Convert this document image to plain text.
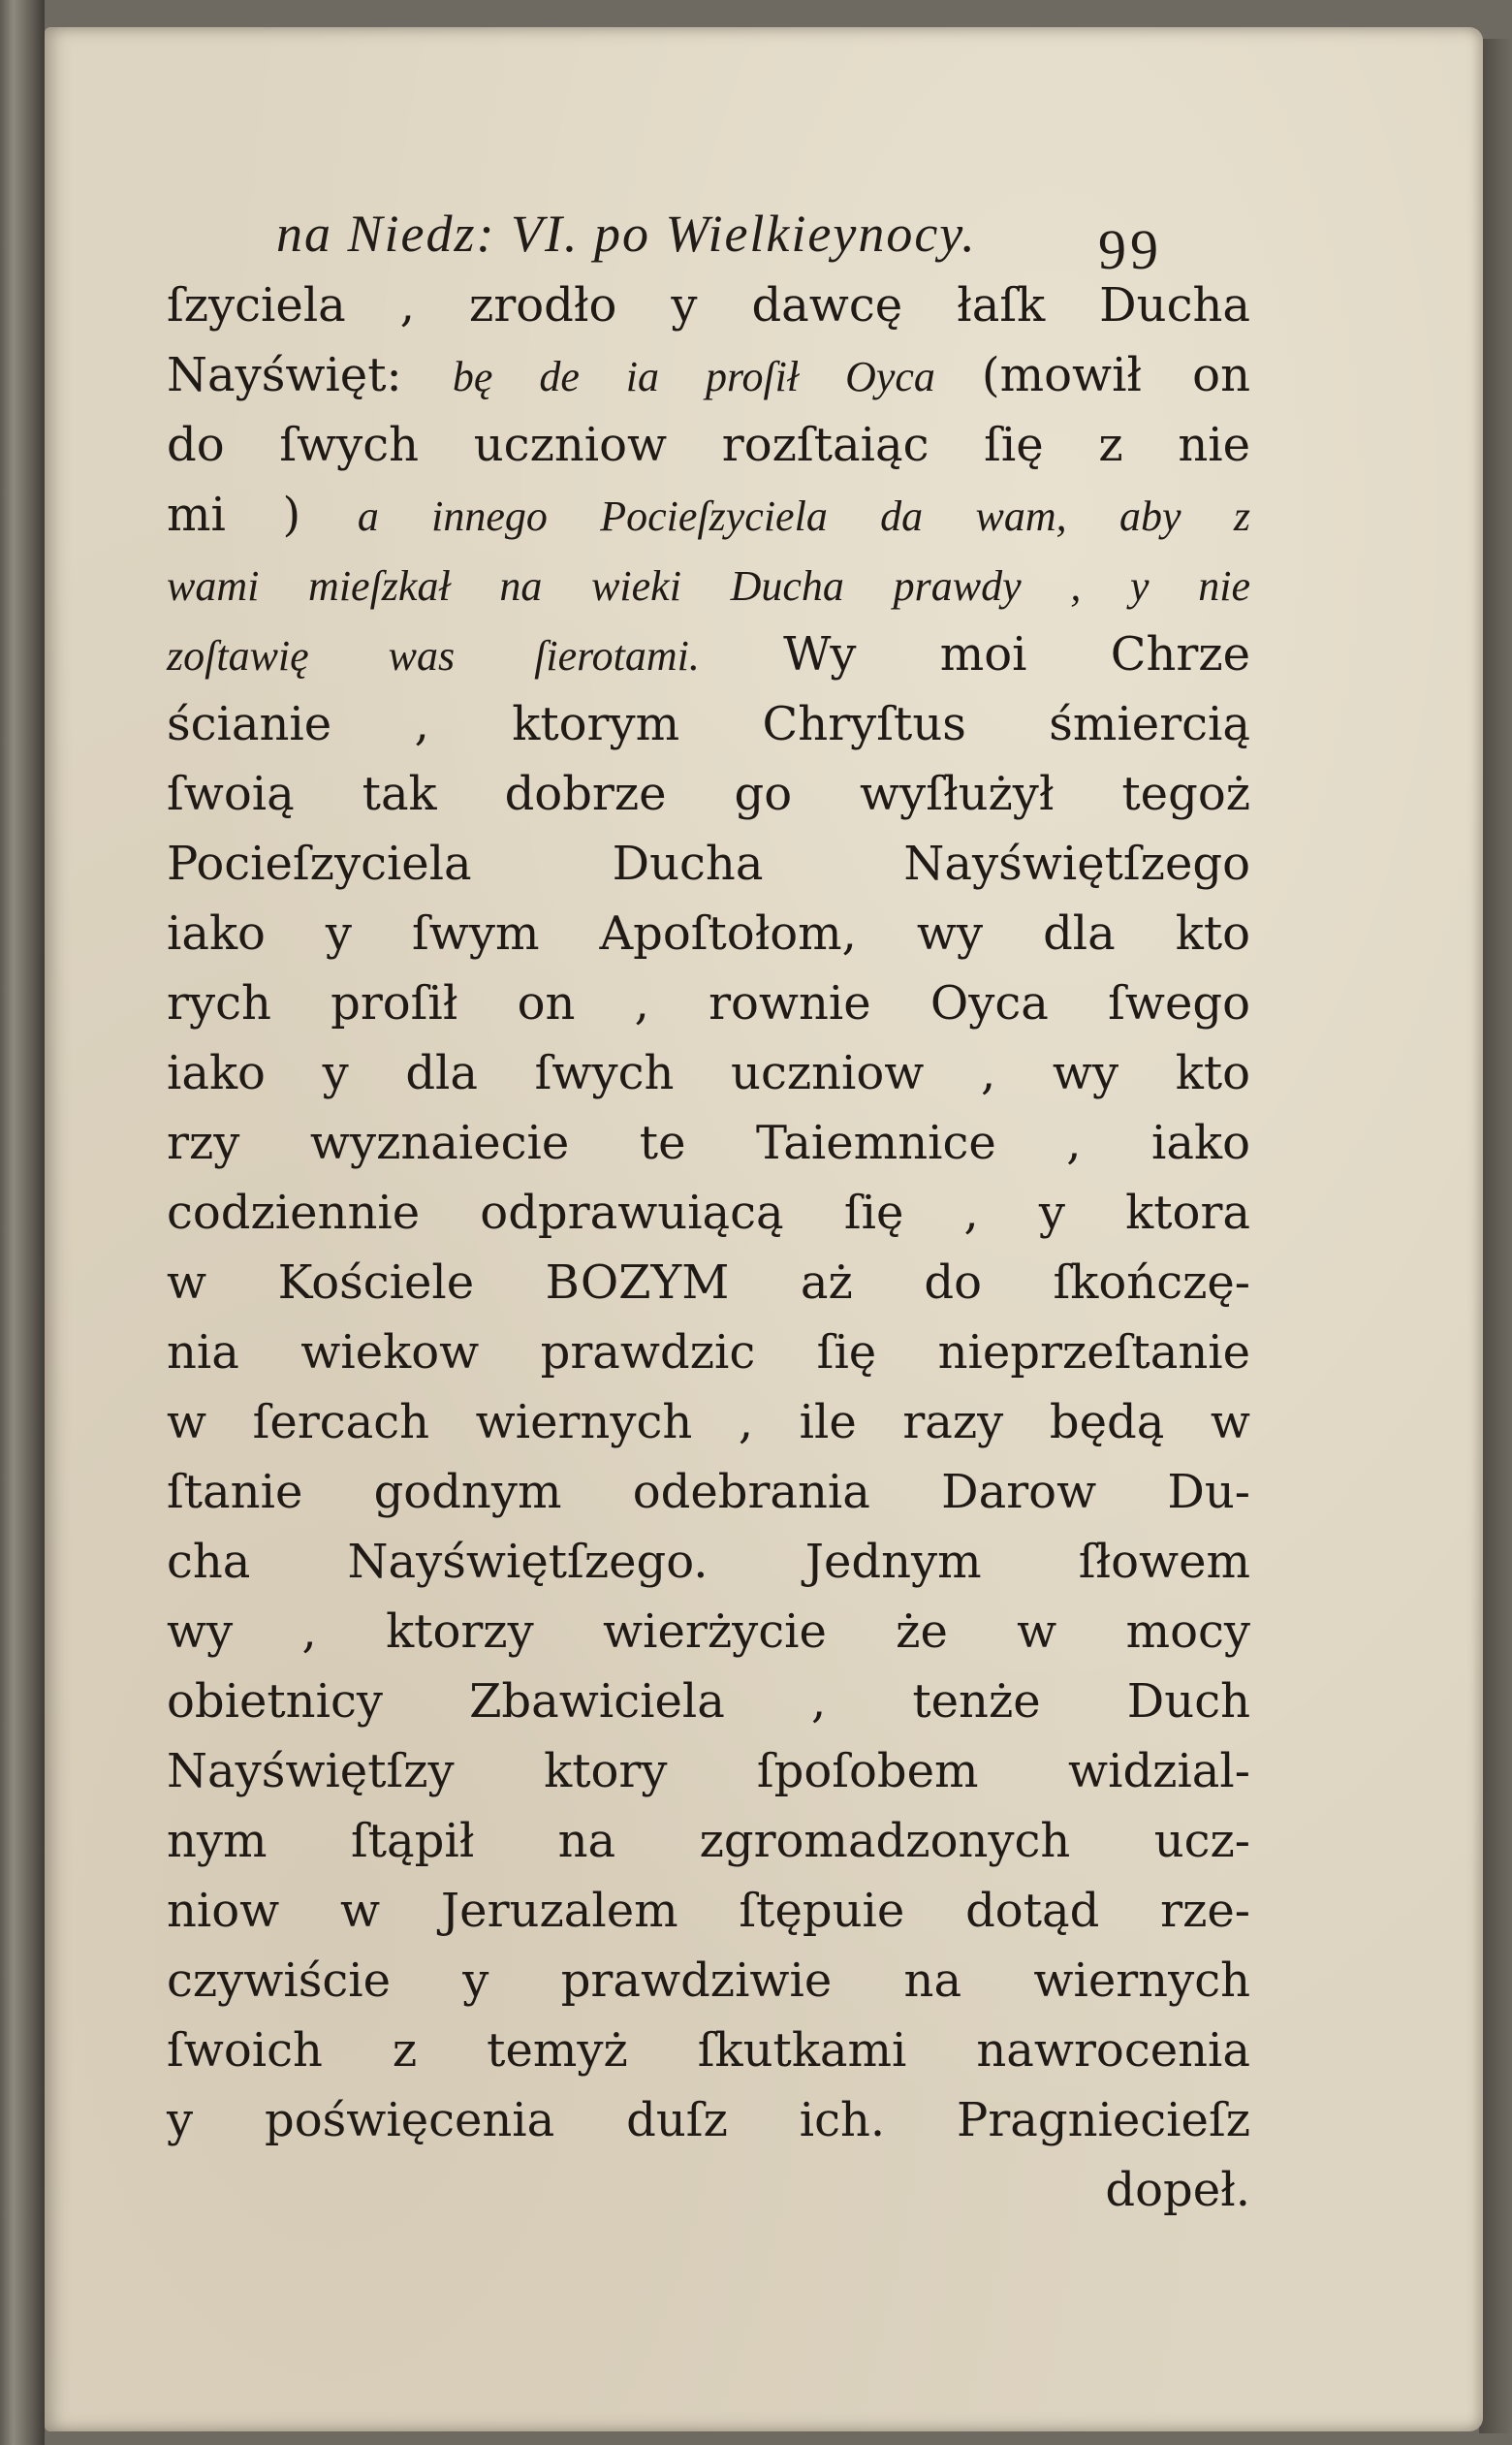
na Niedz: VI. po Wielkieynocy. 99
ſzyciela , zrodło y dawcę łaſk Ducha
Nayświęt: bę de ia proſił Oyca (mowił on
do ſwych uczniow rozſtaiąc ſię z nie
mi ) a innego Pocieſzyciela da wam, aby z
wami mieſzkał na wieki Ducha prawdy , y nie
zoſtawię was ſierotami. Wy moi Chrze
ścianie , ktorym Chryſtus śmiercią
ſwoią tak dobrze go wyſłużył tegoż
Pocieſzyciela Ducha Nayświętſzego
iako y ſwym Apoſtołom, wy dla kto
rych proſił on , rownie Oyca ſwego
iako y dla ſwych uczniow , wy kto
rzy wyznaiecie te Taiemnice , iako
codziennie odprawuiącą ſię , y ktora
w Kościele BOZYM aż do ſkończę-
nia wiekow prawdzic ſię nieprzeſtanie
w ſercach wiernych , ile razy będą w
ſtanie godnym odebrania Darow Du-
cha Nayświętſzego. Jednym ſłowem
wy , ktorzy wierżycie że w mocy
obietnicy Zbawiciela , tenże Duch
Nayświętſzy ktory ſpoſobem widzial-
nym ſtąpił na zgromadzonych ucz-
niow w Jeruzalem ſtępuie dotąd rze-
czywiście y prawdziwie na wiernych
ſwoich z temyż ſkutkami nawrocenia
y poświęcenia duſz ich. Pragniecieſz
dopeł.
